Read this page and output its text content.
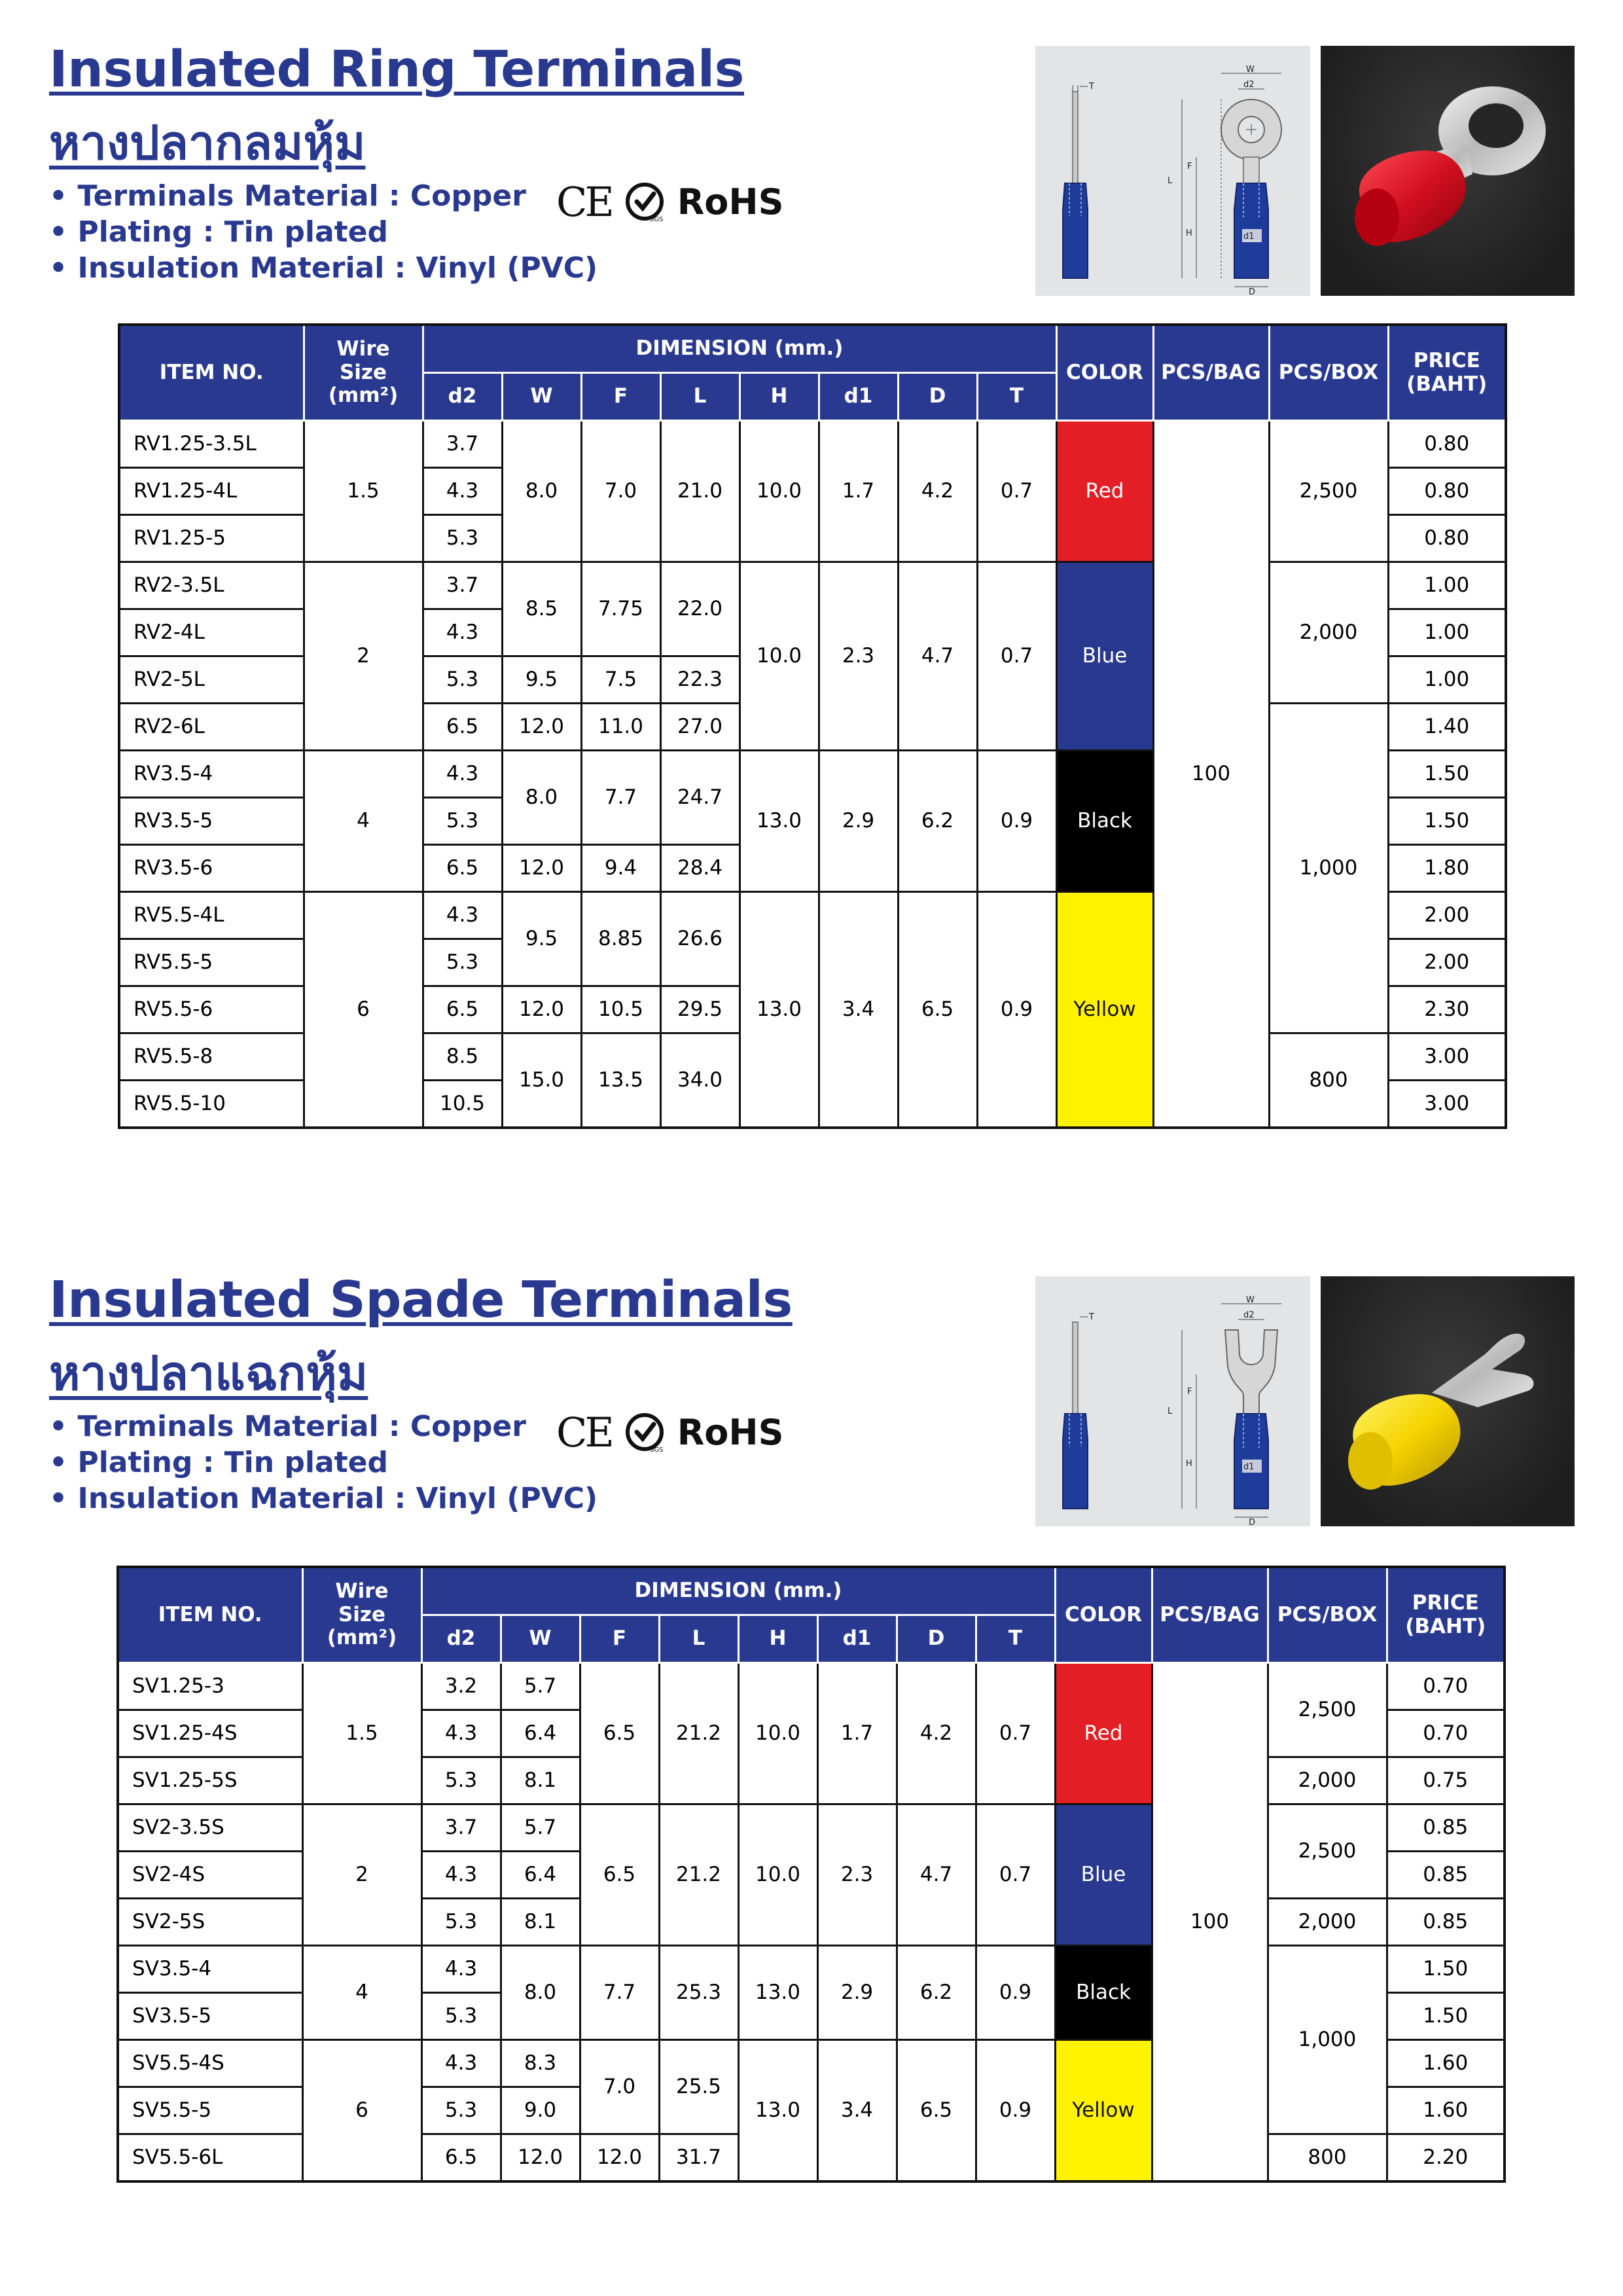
Insulated Ring Terminals
หางปลากลมหุ้ม
• Terminals Material : Copper
• Plating : Tin plated
• Insulation Material : Vinyl (PVC)
CE	SGS RoHS
T
W
d2
L
F
H	d1
D
ITEM NO.	Wire
Size
(mm²)	DIMENSION (mm.)								COLOR	PCS/BAG	PCS/BOX	PRICE
(BAHT)
		d2	W	F	L	H	d1	D	T				
RV1.25-3.5L	1.5	3.7	8.0	7.0	21.0	10.0	1.7	4.2	0.7	Red	100	2,500	0.80
RV1.25-4L		4.3											0.80
RV1.25-5		5.3											0.80
RV2-3.5L	2	3.7	8.5	7.75	22.0	10.0	2.3	4.7	0.7	Blue		2,000	1.00
RV2-4L		4.3											1.00
RV2-5L		5.3	9.5	7.5	22.3								1.00
RV2-6L		6.5	12.0	11.0	27.0							1,000	1.40
RV3.5-4	4	4.3	8.0	7.7	24.7	13.0	2.9	6.2	0.9	Black			1.50
RV3.5-5		5.3											1.50
RV3.5-6		6.5	12.0	9.4	28.4								1.80
RV5.5-4L	6	4.3	9.5	8.85	26.6	13.0	3.4	6.5	0.9	Yellow			2.00
RV5.5-5		5.3											2.00
RV5.5-6		6.5	12.0	10.5	29.5								2.30
RV5.5-8		8.5	15.0	13.5	34.0							800	3.00
RV5.5-10		10.5											3.00
Insulated Spade Terminals
หางปลาแฉกหุ้ม
• Terminals Material : Copper
• Plating : Tin plated
• Insulation Material : Vinyl (PVC)
CE	SGS RoHS
T
W
d2
L
F
H	d1
D
ITEM NO.	Wire
Size
(mm²)	DIMENSION (mm.)								COLOR	PCS/BAG	PCS/BOX	PRICE
(BAHT)
		d2	W	F	L	H	d1	D	T				
SV1.25-3	1.5	3.2	5.7	6.5	21.2	10.0	1.7	4.2	0.7	Red	100	2,500	0.70
SV1.25-4S		4.3	6.4										0.70
SV1.25-5S		5.3	8.1									2,000	0.75
SV2-3.5S	2	3.7	5.7	6.5	21.2	10.0	2.3	4.7	0.7	Blue		2,500	0.85
SV2-4S		4.3	6.4										0.85
SV2-5S		5.3	8.1									2,000	0.85
SV3.5-4	4	4.3	8.0	7.7	25.3	13.0	2.9	6.2	0.9	Black		1,000	1.50
SV3.5-5		5.3											1.50
SV5.5-4S	6	4.3	8.3	7.0	25.5	13.0	3.4	6.5	0.9	Yellow			1.60
SV5.5-5		5.3	9.0										1.60
SV5.5-6L		6.5	12.0	12.0	31.7							800	2.20
